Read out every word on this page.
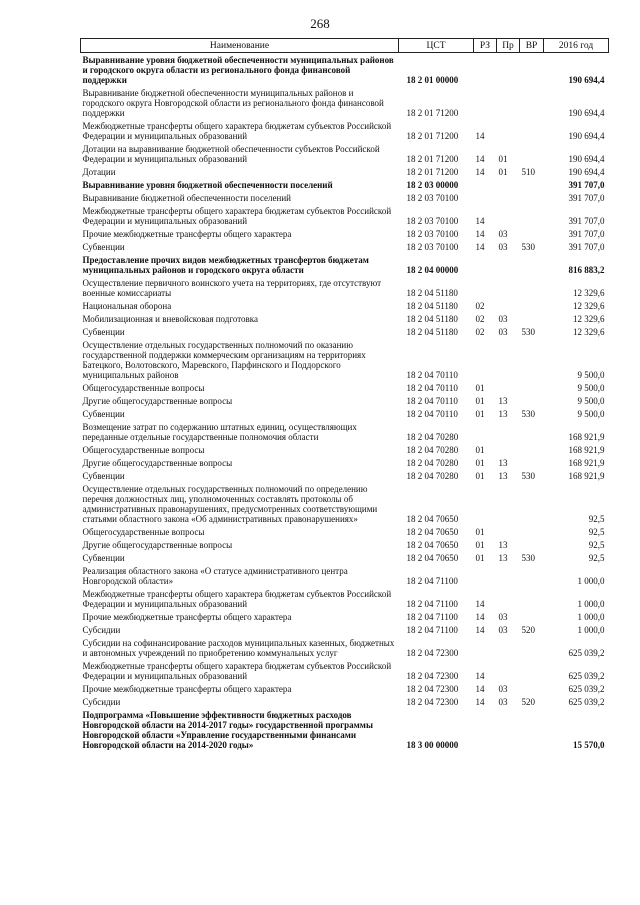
268
Наименование	ЦСТ	РЗ	Пр	ВР	2016 год
Выравнивание уровня бюджетной обеспеченности муниципальных районов и городского округа области из регионального фонда финансовой поддержки	18 2 01 00000				190 694,4
Выравнивание бюджетной обеспеченности муниципальных районов и городского округа Новгородской области из регионального фонда финансовой поддержки	18 2 01 71200				190 694,4
Межбюджетные трансферты общего характера бюджетам субъектов Российской Федерации и муниципальных образований	18 2 01 71200	14			190 694,4
Дотации на выравнивание бюджетной обеспеченности субъектов Российской Федерации и муниципальных образований	18 2 01 71200	14	01		190 694,4
Дотации	18 2 01 71200	14	01	510	190 694,4
Выравнивание уровня бюджетной обеспеченности поселений	18 2 03 00000				391 707,0
Выравнивание бюджетной обеспеченности поселений	18 2 03 70100				391 707,0
Межбюджетные трансферты общего характера бюджетам субъектов Российской Федерации и муниципальных образований	18 2 03 70100	14			391 707,0
Прочие межбюджетные трансферты общего характера	18 2 03 70100	14	03		391 707,0
Субвенции	18 2 03 70100	14	03	530	391 707,0
Предоставление прочих видов межбюджетных трансфертов бюджетам муниципальных районов и городского округа области	18 2 04 00000				816 883,2
Осуществление первичного воинского учета на территориях, где отсутствуют военные комиссариаты	18 2 04 51180				12 329,6
Национальная оборона	18 2 04 51180	02			12 329,6
Мобилизационная и вневойсковая подготовка	18 2 04 51180	02	03		12 329,6
Субвенции	18 2 04 51180	02	03	530	12 329,6
Осуществление отдельных государственных полномочий по оказанию государственной поддержки коммерческим организациям на территориях Батецкого, Волотовского, Маревского, Парфинского и Поддорского муниципальных районов	18 2 04 70110				9 500,0
Общегосударственные вопросы	18 2 04 70110	01			9 500,0
Другие общегосударственные вопросы	18 2 04 70110	01	13		9 500,0
Субвенции	18 2 04 70110	01	13	530	9 500,0
Возмещение затрат по содержанию штатных единиц, осуществляющих переданные отдельные государственные полномочия области	18 2 04 70280				168 921,9
Общегосударственные вопросы	18 2 04 70280	01			168 921,9
Другие общегосударственные вопросы	18 2 04 70280	01	13		168 921,9
Субвенции	18 2 04 70280	01	13	530	168 921,9
Осуществление отдельных государственных полномочий по определению перечня должностных лиц, уполномоченных составлять протоколы об административных правонарушениях, предусмотренных соответствующими статьями областного закона «Об административных правонарушениях»	18 2 04 70650				92,5
Общегосударственные вопросы	18 2 04 70650	01			92,5
Другие общегосударственные вопросы	18 2 04 70650	01	13		92,5
Субвенции	18 2 04 70650	01	13	530	92,5
Реализация областного закона «О статусе административного центра Новгородской области»	18 2 04 71100				1 000,0
Межбюджетные трансферты общего характера бюджетам субъектов Российской Федерации и муниципальных образований	18 2 04 71100	14			1 000,0
Прочие межбюджетные трансферты общего характера	18 2 04 71100	14	03		1 000,0
Субсидии	18 2 04 71100	14	03	520	1 000,0
Субсидии на софинансирование расходов муниципальных казенных, бюджетных и автономных учреждений по приобретению коммунальных услуг	18 2 04 72300				625 039,2
Межбюджетные трансферты общего характера бюджетам субъектов Российской Федерации и муниципальных образований	18 2 04 72300	14			625 039,2
Прочие межбюджетные трансферты общего характера	18 2 04 72300	14	03		625 039,2
Субсидии	18 2 04 72300	14	03	520	625 039,2
Подпрограмма «Повышение эффективности бюджетных расходов Новгородской области на 2014-2017 годы» государственной программы Новгородской области «Управление государственными финансами Новгородской области на 2014-2020 годы»	18 3 00 00000				15 570,0
